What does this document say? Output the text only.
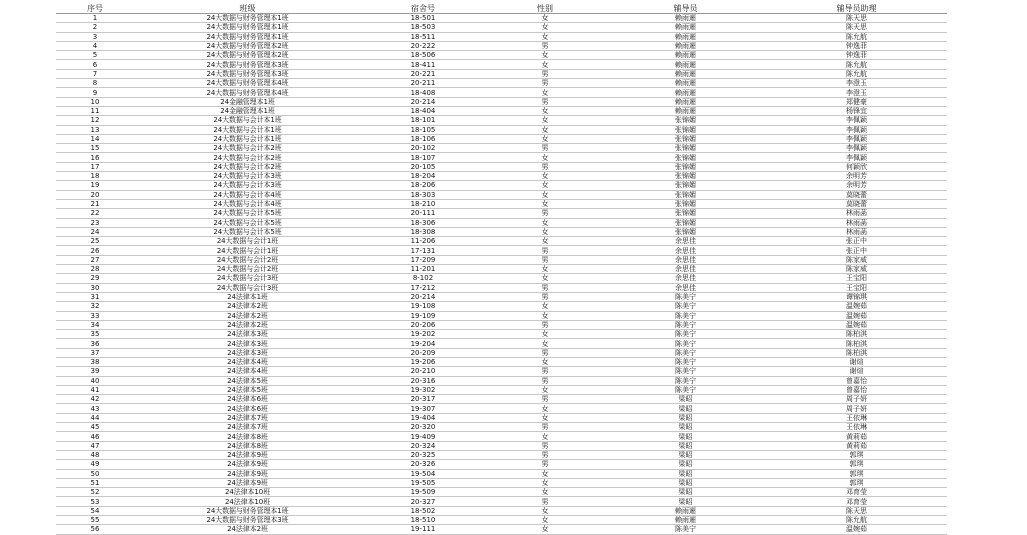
序号	班级	宿舍号	性别	辅导员	辅导员助理
1	24大数据与财务管理本1班	18-501	女	赖雨逦	陈天思
2	24大数据与财务管理本1班	18-503	女	赖雨逦	陈天思
3	24大数据与财务管理本1班	18-511	女	赖雨逦	陈允航
4	24大数据与财务管理本2班	20-222	男	赖雨逦	钟逸菲
5	24大数据与财务管理本2班	18-506	女	赖雨逦	钟逸菲
6	24大数据与财务管理本3班	18-411	女	赖雨逦	陈允航
7	24大数据与财务管理本3班	20-221	男	赖雨逦	陈允航
8	24大数据与财务管理本4班	20-211	男	赖雨逦	李澄玉
9	24大数据与财务管理本4班	18-408	女	赖雨逦	李澄玉
10	24金融管理本1班	20-214	男	赖雨逦	郑健豪
11	24金融管理本1班	18-404	女	赖雨逦	杨锋宜
12	24大数据与会计本1班	18-101	女	张锦媚	李佩颖
13	24大数据与会计本1班	18-105	女	张锦媚	李佩颖
14	24大数据与会计本1班	18-106	女	张锦媚	李佩颖
15	24大数据与会计本2班	20-102	男	张锦媚	李佩颖
16	24大数据与会计本2班	18-107	女	张锦媚	李佩颖
17	24大数据与会计本2班	20-105	男	张锦媚	何颖欣
18	24大数据与会计本3班	18-204	女	张锦媚	余明芳
19	24大数据与会计本3班	18-206	女	张锦媚	余明芳
20	24大数据与会计本4班	18-303	女	张锦媚	莫晓蕾
21	24大数据与会计本4班	18-210	女	张锦媚	莫晓蕾
22	24大数据与会计本5班	20-111	男	张锦媚	林雨菡
23	24大数据与会计本5班	18-306	女	张锦媚	林雨菡
24	24大数据与会计本5班	18-308	女	张锦媚	林雨菡
25	24大数据与会计1班	11-206	女	余思佳	张正中
26	24大数据与会计1班	17-131	男	余思佳	张正中
27	24大数据与会计2班	17-209	男	余思佳	陈家威
28	24大数据与会计2班	11-201	女	余思佳	陈家威
29	24大数据与会计3班	8-102	女	余思佳	王宝阳
30	24大数据与会计3班	17-212	男	余思佳	王宝阳
31	24法律本1班	20-214	男	陈美宁	谭锦琪
32	24法律本2班	19-108	女	陈美宁	温婉茹
33	24法律本2班	19-109	女	陈美宁	温婉茹
34	24法律本2班	20-206	男	陈美宁	温婉茹
35	24法律本3班	19-202	女	陈美宁	陈柏淇
36	24法律本3班	19-204	女	陈美宁	陈柏淇
37	24法律本3班	20-209	男	陈美宁	陈柏淇
38	24法律本4班	19-206	女	陈美宁	谢煊
39	24法律本4班	20-210	男	陈美宁	谢煊
40	24法律本5班	20-316	男	陈美宁	曾嘉怡
41	24法律本5班	19-302	女	陈美宁	曾嘉怡
42	24法律本6班	20-317	男	梁昭	周子妍
43	24法律本6班	19-307	女	梁昭	周子妍
44	24法律本7班	19-404	女	梁昭	王依琳
45	24法律本7班	20-320	男	梁昭	王依琳
46	24法律本8班	19-409	女	梁昭	黄莉茹
47	24法律本8班	20-324	男	梁昭	黄莉茹
48	24法律本9班	20-325	男	梁昭	郭琪
49	24法律本9班	20-326	男	梁昭	郭琪
50	24法律本9班	19-504	女	梁昭	郭琪
51	24法律本9班	19-505	女	梁昭	郭琪
52	24法律本10班	19-509	女	梁昭	邓育莹
53	24法律本10班	20-327	男	梁昭	邓育莹
54	24大数据与财务管理本1班	18-502	女	赖雨逦	陈天思
55	24大数据与财务管理本3班	18-510	女	赖雨逦	陈允航
56	24法律本2班	19-111	女	陈美宁	温婉茹
